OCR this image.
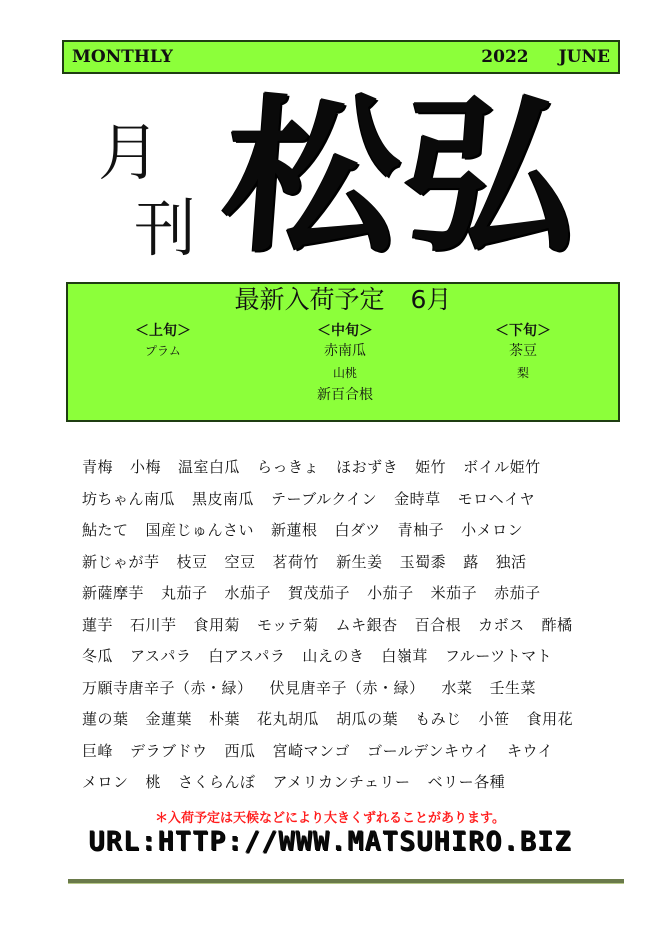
MONTHLY	2022 JUNE
月
刊 松
弘
最新入荷予定 6月
＜上旬＞
プラム
＜中旬＞
赤南瓜
山桃
新百合根
＜下旬＞
茶豆
梨
青梅 小梅 温室白瓜 らっきょ ほおずき 姫竹 ボイル姫竹
坊ちゃん南瓜 黒皮南瓜 テーブルクイン 金時草 モロヘイヤ
鮎たて 国産じゅんさい 新蓮根 白ダツ 青柚子 小メロン
新じゃが芋 枝豆 空豆 茗荷竹 新生姜 玉蜀黍 蕗 独活
新薩摩芋 丸茄子 水茄子 賀茂茄子 小茄子 米茄子 赤茄子
蓮芋 石川芋 食用菊 モッテ菊 ムキ銀杏 百合根 カボス 酢橘
冬瓜 アスパラ 白アスパラ 山えのき 白嶺茸 フルーツトマト
万願寺唐辛子（赤・緑） 伏見唐辛子（赤・緑） 水菜 壬生菜
蓮の葉 金蓮葉 朴葉 花丸胡瓜 胡瓜の葉 もみじ 小笹 食用花
巨峰 デラブドウ 西瓜 宮崎マンゴ ゴールデンキウイ キウイ
メロン 桃 さくらんぼ アメリカンチェリー ベリー各種
＊入荷予定は天候などにより大きくずれることがあります。
URL:HTTP://WWW.MATSUHIRO.BIZ
